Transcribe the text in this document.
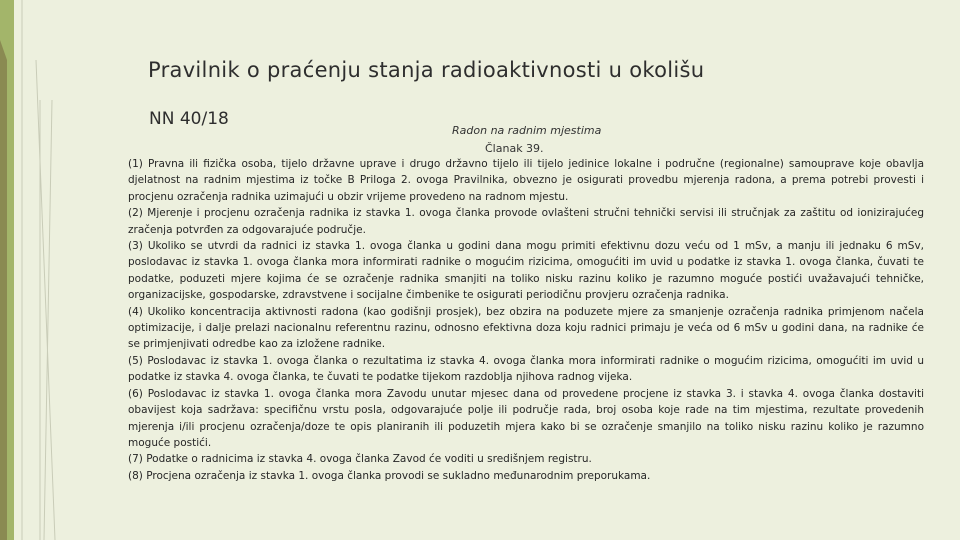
Pravilnik o praćenju stanja radioaktivnosti u okolišu
NN 40/18
Radon na radnim mjestima
Članak 39.

(1) Pravna ili fizička osoba, tijelo državne uprave i drugo državno tijelo ili tijelo jedinice lokalne i područne (regionalne) samouprave koje obavlja djelatnost na radnim mjestima iz točke B Priloga 2. ovoga Pravilnika, obvezno je osigurati provedbu mjerenja radona, a prema potrebi provesti i procjenu ozračenja radnika uzimajući u obzir vrijeme provedeno na radnom mjestu.

(2) Mjerenje i procjenu ozračenja radnika iz stavka 1. ovoga članka provode ovlašteni stručni tehnički servisi ili stručnjak za zaštitu od ionizirajućeg zračenja potvrđen za odgovarajuće područje.

(3) Ukoliko se utvrdi da radnici iz stavka 1. ovoga članka u godini dana mogu primiti efektivnu dozu veću od 1 mSv, a manju ili jednaku 6 mSv, poslodavac iz stavka 1. ovoga članka mora informirati radnike o mogućim rizicima, omogućiti im uvid u podatke iz stavka 1. ovoga članka, čuvati te podatke, poduzeti mjere kojima će se ozračenje radnika smanjiti na toliko nisku razinu koliko je razumno moguće postići uvažavajući tehničke, organizacijske, gospodarske, zdravstvene i socijalne čimbenike te osigurati periodičnu provjeru ozračenja radnika.

(4) Ukoliko koncentracija aktivnosti radona (kao godišnji prosjek), bez obzira na poduzete mjere za smanjenje ozračenja radnika primjenom načela optimizacije, i dalje prelazi nacionalnu referentnu razinu, odnosno efektivna doza koju radnici primaju je veća od 6 mSv u godini dana, na radnike će se primjenjivati odredbe kao za izložene radnike.

(5) Poslodavac iz stavka 1. ovoga članka o rezultatima iz stavka 4. ovoga članka mora informirati radnike o mogućim rizicima, omogućiti im uvid u podatke iz stavka 4. ovoga članka, te čuvati te podatke tijekom razdoblja njihova radnog vijeka.

(6) Poslodavac iz stavka 1. ovoga članka mora Zavodu unutar mjesec dana od provedene procjene iz stavka 3. i stavka 4. ovoga članka dostaviti obavijest koja sadržava: specifičnu vrstu posla, odgovarajuće polje ili područje rada, broj osoba koje rade na tim mjestima, rezultate provedenih mjerenja i/ili procjenu ozračenja/doze te opis planiranih ili poduzetih mjera kako bi se ozračenje smanjilo na toliko nisku razinu koliko je razumno moguće postići.

(7) Podatke o radnicima iz stavka 4. ovoga članka Zavod će voditi u središnjem registru.

(8) Procjena ozračenja iz stavka 1. ovoga članka provodi se sukladno međunarodnim preporukama.
